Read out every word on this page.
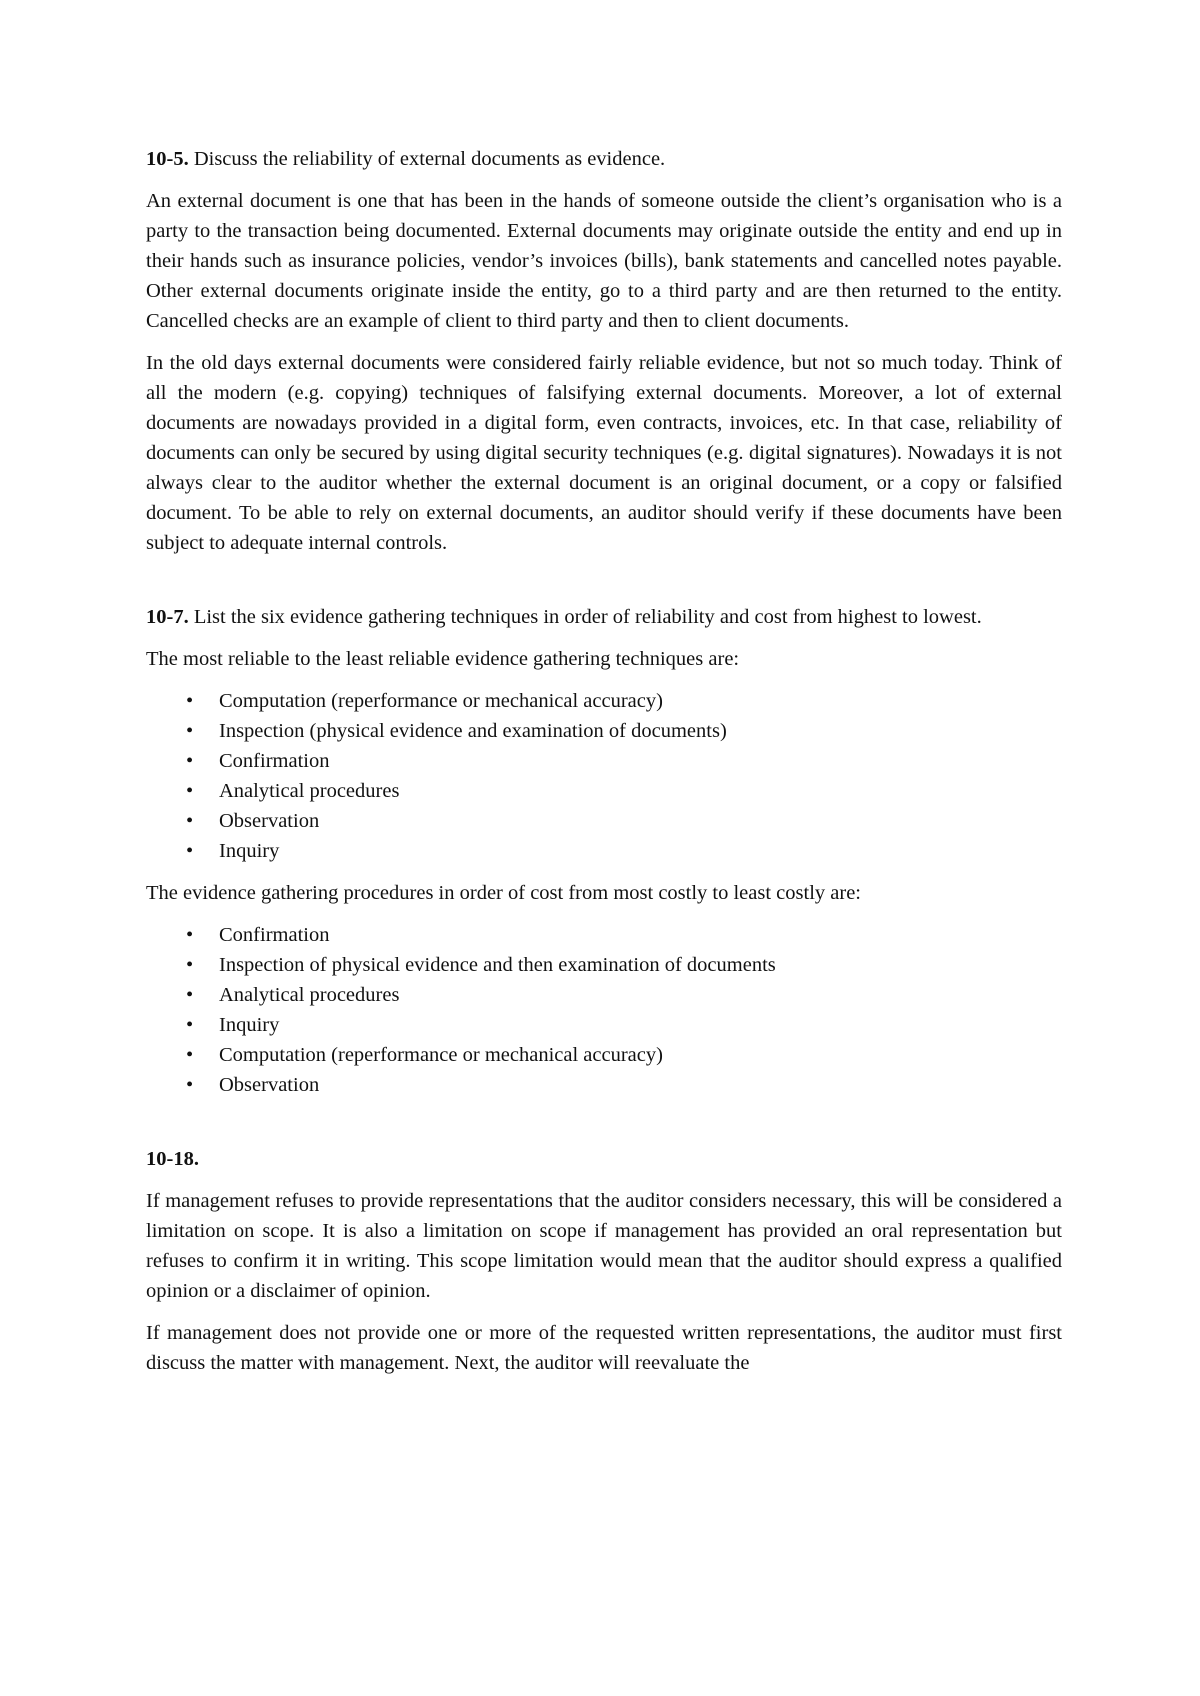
10-5. Discuss the reliability of external documents as evidence.

An external document is one that has been in the hands of someone outside the client’s organisation who is a party to the transaction being documented. External documents may originate outside the entity and end up in their hands such as insurance policies, vendor’s invoices (bills), bank statements and cancelled notes payable. Other external documents originate inside the entity, go to a third party and are then returned to the entity. Cancelled checks are an example of client to third party and then to client documents.

In the old days external documents were considered fairly reliable evidence, but not so much today. Think of all the modern (e.g. copying) techniques of falsifying external documents. Moreover, a lot of external documents are nowadays provided in a digital form, even contracts, invoices, etc. In that case, reliability of documents can only be secured by using digital security techniques (e.g. digital signatures). Nowadays it is not always clear to the auditor whether the external document is an original document, or a copy or falsified document. To be able to rely on external documents, an auditor should verify if these documents have been subject to adequate internal controls.

10-7. List the six evidence gathering techniques in order of reliability and cost from highest to lowest.

The most reliable to the least reliable evidence gathering techniques are:

• Computation (reperformance or mechanical accuracy)
• Inspection (physical evidence and examination of documents)
• Confirmation
• Analytical procedures
• Observation
• Inquiry

The evidence gathering procedures in order of cost from most costly to least costly are:

• Confirmation
• Inspection of physical evidence and then examination of documents
• Analytical procedures
• Inquiry
• Computation (reperformance or mechanical accuracy)
• Observation
10-18.

If management refuses to provide representations that the auditor considers necessary, this will be considered a limitation on scope. It is also a limitation on scope if management has provided an oral representation but refuses to confirm it in writing. This scope limitation would mean that the auditor should express a qualified opinion or a disclaimer of opinion.

If management does not provide one or more of the requested written representations, the auditor must first discuss the matter with management. Next, the auditor will reevaluate the
